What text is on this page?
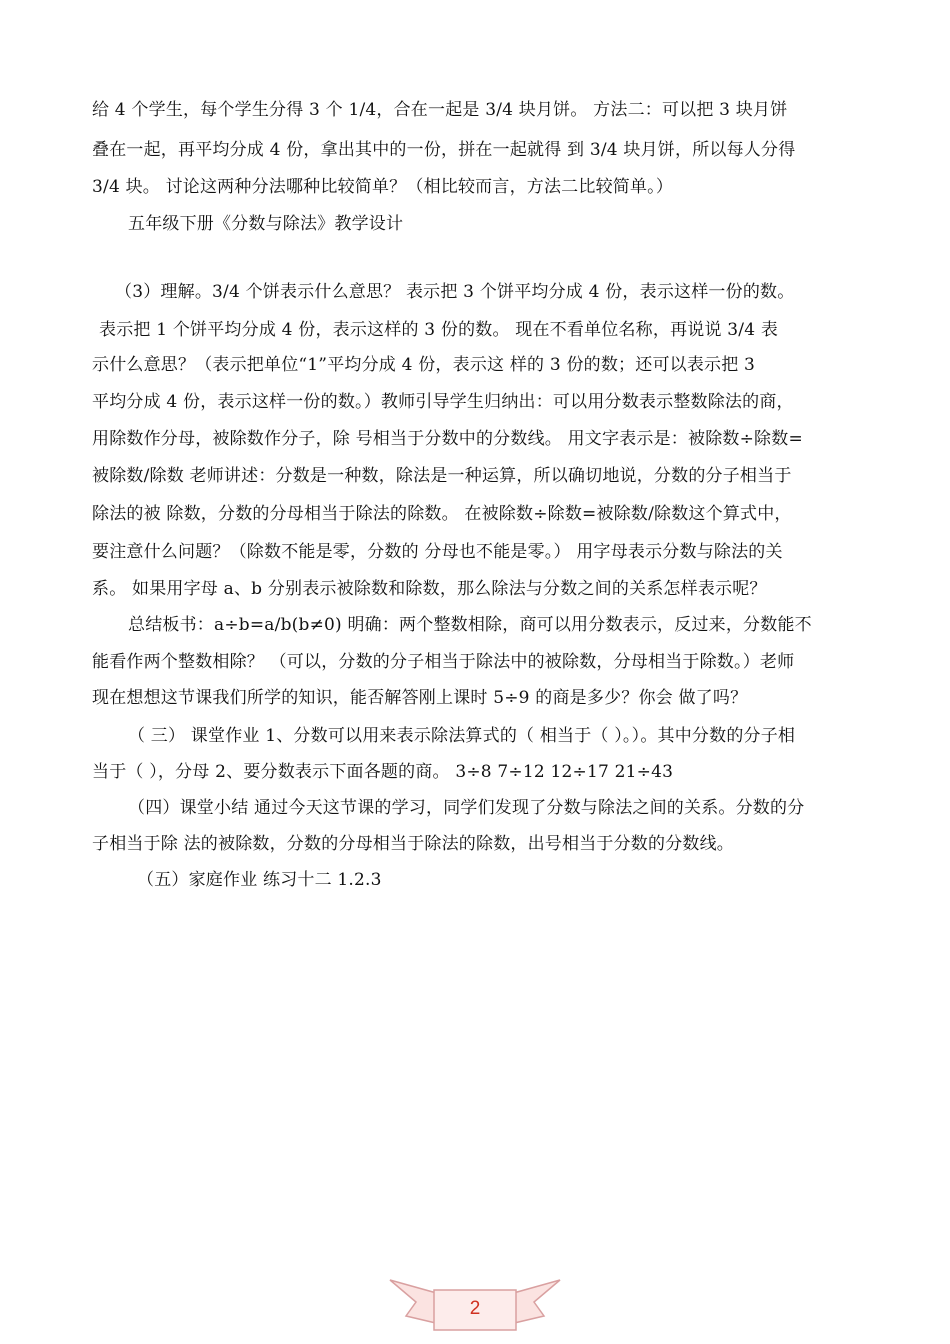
给 4 个学生，每个学生分得 3 个 1/4，合在一起是 3/4 块月饼。 方法二：可以把 3 块月饼
叠在一起，再平均分成 4 份，拿出其中的一份，拼在一起就得 到 3/4 块月饼，所以每人分得
3/4 块。 讨论这两种分法哪种比较简单？（相比较而言，方法二比较简单。）
五年级下册《分数与除法》教学设计
（3）理解。3/4 个饼表示什么意思？ 表示把 3 个饼平均分成 4 份，表示这样一份的数。
表示把 1 个饼平均分成 4 份，表示这样的 3 份的数。 现在不看单位名称，再说说 3/4 表
示什么意思？（表示把单位“1”平均分成 4 份，表示这 样的 3 份的数；还可以表示把 3
平均分成 4 份，表示这样一份的数。）教师引导学生归纳出：可以用分数表示整数除法的商，
用除数作分母，被除数作分子，除 号相当于分数中的分数线。 用文字表示是：被除数÷除数=
被除数/除数 老师讲述：分数是一种数，除法是一种运算，所以确切地说，分数的分子相当于
除法的被 除数，分数的分母相当于除法的除数。 在被除数÷除数=被除数/除数这个算式中，
要注意什么问题？（除数不能是零，分数的 分母也不能是零。） 用字母表示分数与除法的关
系。 如果用字母 a、b 分别表示被除数和除数，那么除法与分数之间的关系怎样表示呢？
总结板书：a÷b=a/b(b≠0) 明确：两个整数相除，商可以用分数表示，反过来，分数能不
能看作两个整数相除？ （可以，分数的分子相当于除法中的被除数，分母相当于除数。）老师
现在想想这节课我们所学的知识，能否解答刚上课时 5÷9 的商是多少？你会 做了吗？
（ 三） 课堂作业 1、分数可以用来表示除法算式的（ 相当于（ ）。）。其中分数的分子相
当于（ ），分母 2、要分数表示下面各题的商。 3÷8 7÷12 12÷17 21÷43
（四）课堂小结 通过今天这节课的学习，同学们发现了分数与除法之间的关系。分数的分
子相当于除 法的被除数，分数的分母相当于除法的除数，出号相当于分数的分数线。
（五）家庭作业 练习十二 1.2.3
2
